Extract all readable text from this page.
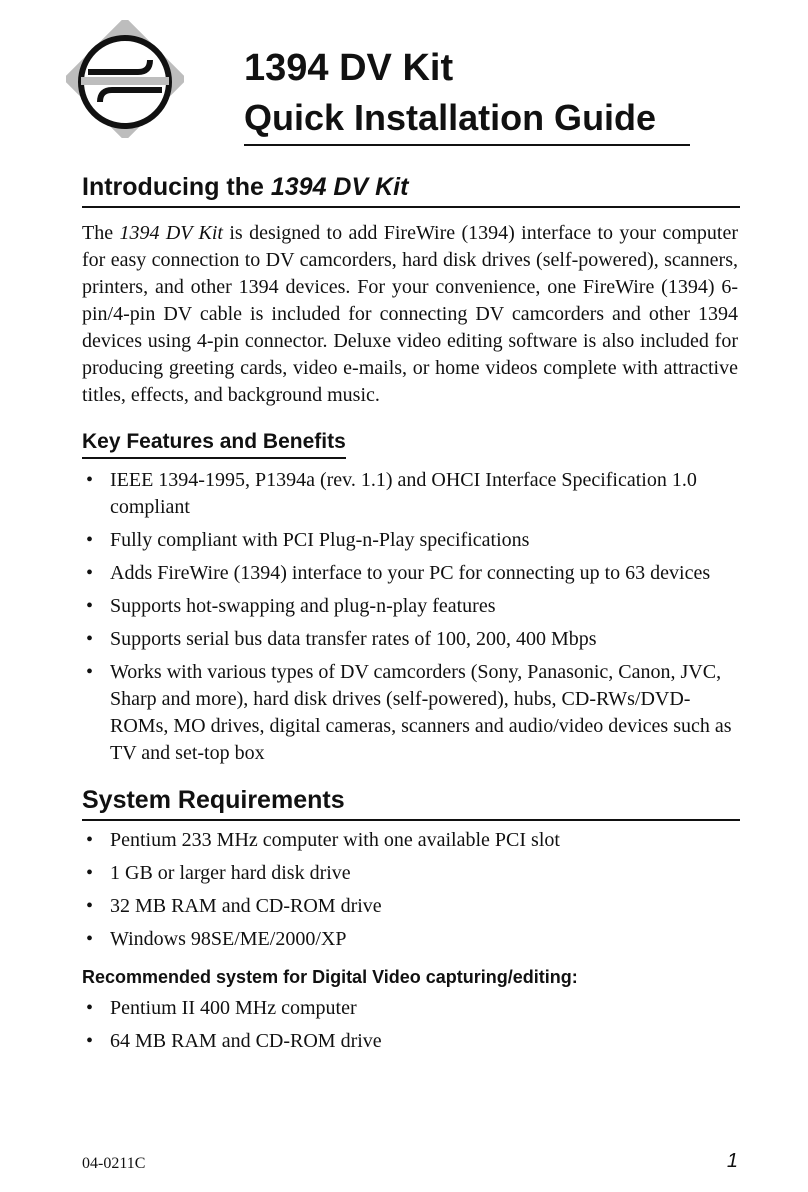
1394 DV Kit
Quick Installation Guide
Introducing the 1394 DV Kit

The 1394 DV Kit is designed to add FireWire (1394) interface to your computer for easy connection to DV camcorders, hard disk drives (self-powered), scanners, printers, and other 1394 devices. For your convenience, one FireWire (1394) 6-pin/4-pin DV cable is included for connecting DV camcorders and other 1394 devices using 4-pin connector. Deluxe video editing software is also included for producing greeting cards, video e-mails, or home videos complete with attractive titles, effects, and background music.

Key Features and Benefits
• IEEE 1394-1995, P1394a (rev. 1.1) and OHCI Interface Specification 1.0 compliant
• Fully compliant with PCI Plug-n-Play specifications
• Adds FireWire (1394) interface to your PC for connecting up to 63 devices
• Supports hot-swapping and plug-n-play features
• Supports serial bus data transfer rates of 100, 200, 400 Mbps
• Works with various types of DV camcorders (Sony, Panasonic, Canon, JVC, Sharp and more), hard disk drives (self-powered), hubs, CD-RWs/DVD-ROMs, MO drives, digital cameras, scanners and audio/video devices such as TV and set-top box
System Requirements
• Pentium 233 MHz computer with one available PCI slot
• 1 GB or larger hard disk drive
• 32 MB RAM and CD-ROM drive
• Windows 98SE/ME/2000/XP
Recommended system for Digital Video capturing/editing:
• Pentium II 400 MHz computer
• 64 MB RAM and CD-ROM drive
04-0211C	1
